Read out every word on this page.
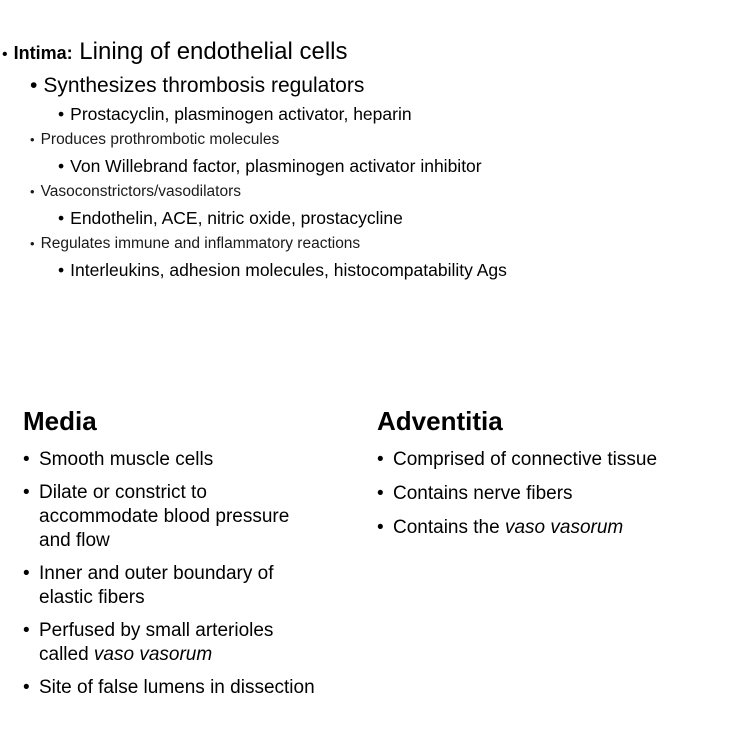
• Intima: Lining of endothelial cells
• Synthesizes thrombosis regulators
• Prostacyclin, plasminogen activator, heparin
• Produces prothrombotic molecules
• Von Willebrand factor, plasminogen activator inhibitor
• Vasoconstrictors/vasodilators
• Endothelin, ACE, nitric oxide, prostacycline
• Regulates immune and inflammatory reactions
• Interleukins, adhesion molecules, histocompatability Ags
Media
• Smooth muscle cells
• Dilate or constrict to
accommodate blood pressure
and flow
• Inner and outer boundary of
elastic fibers
• Perfused by small arterioles
called vaso vasorum
• Site of false lumens in dissection
Adventitia
• Comprised of connective tissue
• Contains nerve fibers
• Contains the vaso vasorum
